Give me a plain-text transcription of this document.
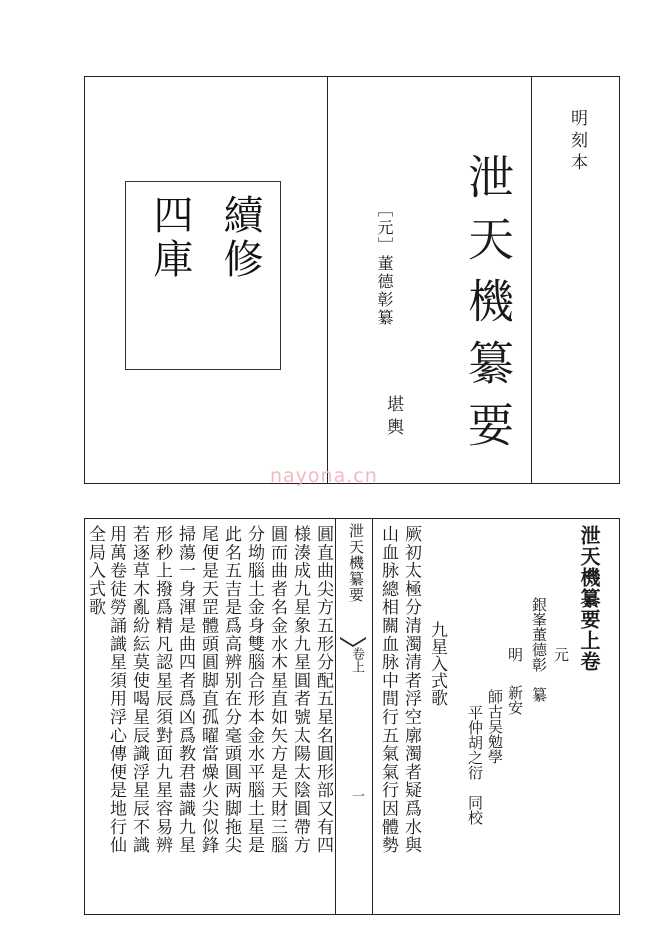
續修
四庫	［元］董德彰纂
堪輿 泄天機纂要
明刻本
nayona.cn
泄天機纂要上卷
元
銀峯董德彰　纂
明
新安
師古吴勉學
平仲胡之衍　同校
九星入式歌
厥初太極分清濁清者浮空廓濁者疑爲水與
山血脉總相關血脉中間行五氣氣行因體勢
泄天機纂要
卷上
一
圓直曲尖方五形分配五星名圓形部又有四
様湊成九星象九星圓者號太陽太陰圓帶方
圓而曲者名金水木星直如矢方是天財三腦
分坳腦土金身雙腦合形本金水平腦土星是
此名五吉是爲高辨别在分毫頭圓两脚拖尖
尾便是天罡體頭圓脚直孤曜當燥火尖似鋒
掃蕩一身渾是曲四者爲凶爲教君盡識九星
形秒上撥爲精凡認星辰須對面九星容易辨
若逐草木亂紛紜莫使喝星辰識浮星辰不識
用萬卷徒勞誦識星須用浮心傳便是地行仙
全局入式歌
